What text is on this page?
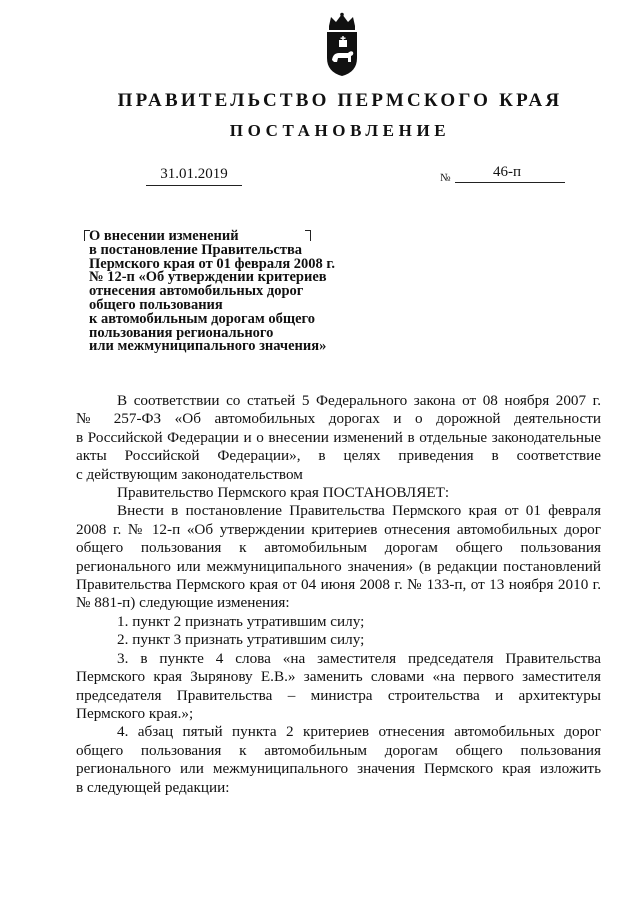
ПРАВИТЕЛЬСТВО ПЕРМСКОГО КРАЯ
ПОСТАНОВЛЕНИЕ
31.01.2019	№	46-п
О внесении изменений
в постановление Правительства
Пермского края от 01 февраля 2008 г.
№ 12-п «Об утверждении критериев
отнесения автомобильных дорог
общего пользования
к автомобильным дорогам общего
пользования регионального
или межмуниципального значения»
В соответствии со статьей 5 Федерального закона от 08 ноября 2007 г.
№ 257-ФЗ «Об автомобильных дорогах и о дорожной деятельности
в Российской Федерации и о внесении изменений в отдельные законодательные
акты Российской Федерации», в целях приведения в соответствие
с действующим законодательством
Правительство Пермского края ПОСТАНОВЛЯЕТ:
Внести в постановление Правительства Пермского края от 01 февраля
2008 г. № 12-п «Об утверждении критериев отнесения автомобильных дорог
общего пользования к автомобильным дорогам общего пользования
регионального или межмуниципального значения» (в редакции постановлений
Правительства Пермского края от 04 июня 2008 г. № 133-п, от 13 ноября 2010 г.
№ 881-п) следующие изменения:
1. пункт 2 признать утратившим силу;
2. пункт 3 признать утратившим силу;
3. в пункте 4 слова «на заместителя председателя Правительства
Пермского края Зырянову Е.В.» заменить словами «на первого заместителя
председателя Правительства – министра строительства и архитектуры
Пермского края.»;
4. абзац пятый пункта 2 критериев отнесения автомобильных дорог
общего пользования к автомобильным дорогам общего пользования
регионального или межмуниципального значения Пермского края изложить
в следующей редакции:
